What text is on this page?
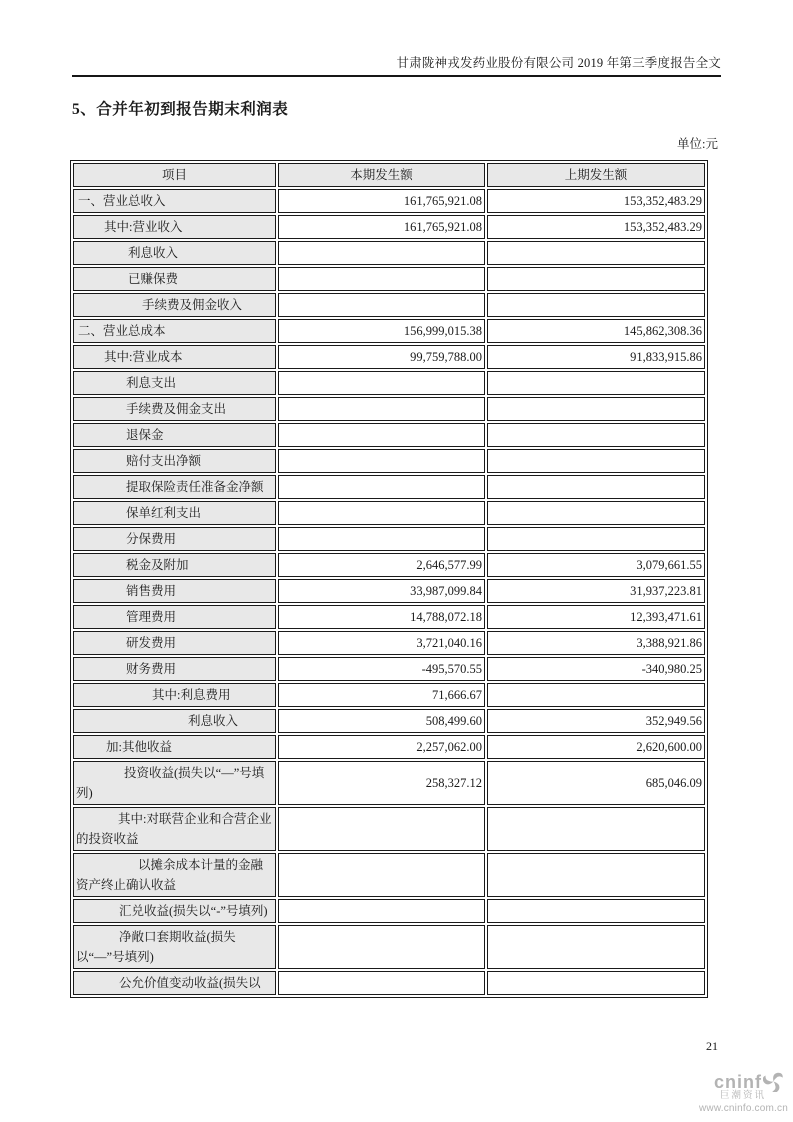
甘肃陇神戎发药业股份有限公司 2019 年第三季度报告全文
5、合并年初到报告期末利润表
单位:元
项目	本期发生额	上期发生额
一、营业总收入	161,765,921.08	153,352,483.29
其中:营业收入	161,765,921.08	153,352,483.29
利息收入		
已赚保费		
手续费及佣金收入		
二、营业总成本	156,999,015.38	145,862,308.36
其中:营业成本	99,759,788.00	91,833,915.86
利息支出		
手续费及佣金支出		
退保金		
赔付支出净额		
提取保险责任准备金净额		
保单红利支出		
分保费用		
税金及附加	2,646,577.99	3,079,661.55
销售费用	33,987,099.84	31,937,223.81
管理费用	14,788,072.18	12,393,471.61
研发费用	3,721,040.16	3,388,921.86
财务费用	-495,570.55	-340,980.25
其中:利息费用	71,666.67	
利息收入	508,499.60	352,949.56
加:其他收益	2,257,062.00	2,620,600.00
投资收益(损失以“—”号填列)	258,327.12	685,046.09
其中:对联营企业和合营企业的投资收益		
以摊余成本计量的金融资产终止确认收益		
汇兑收益(损失以“-”号填列)		
净敞口套期收益(损失以“—”号填列)		
公允价值变动收益(损失以		
21
cninf
巨潮资讯
www.cninfo.com.cn
